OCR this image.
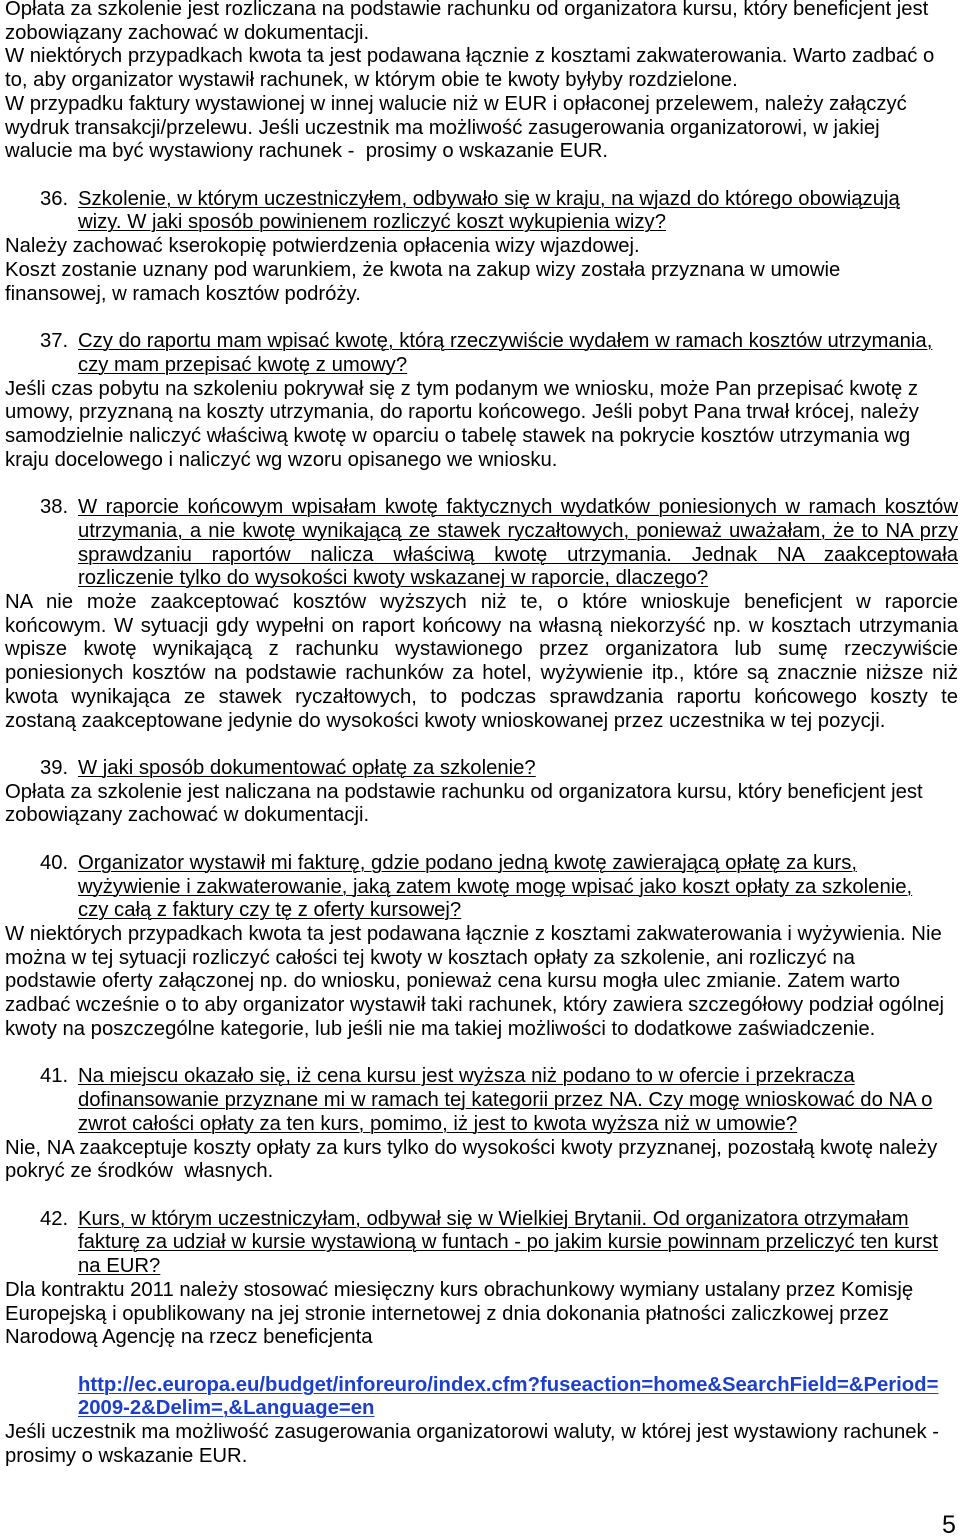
Opłata za szkolenie jest rozliczana na podstawie rachunku od organizatora kursu, który beneficjent jest
zobowiązany zachować w dokumentacji.
W niektórych przypadkach kwota ta jest podawana łącznie z kosztami zakwaterowania. Warto zadbać o
to, aby organizator wystawił rachunek, w którym obie te kwoty byłyby rozdzielone.
W przypadku faktury wystawionej w innej walucie niż w EUR i opłaconej przelewem, należy załączyć
wydruk transakcji/przelewu. Jeśli uczestnik ma możliwość zasugerowania organizatorowi, w jakiej
walucie ma być wystawiony rachunek -  prosimy o wskazanie EUR.
36. Szkolenie, w którym uczestniczyłem, odbywało się w kraju, na wjazd do którego obowiązują
wizy. W jaki sposób powinienem rozliczyć koszt wykupienia wizy?
Należy zachować kserokopię potwierdzenia opłacenia wizy wjazdowej.
Koszt zostanie uznany pod warunkiem, że kwota na zakup wizy została przyznana w umowie
finansowej, w ramach kosztów podróży.
37. Czy do raportu mam wpisać kwotę, którą rzeczywiście wydałem w ramach kosztów utrzymania,
czy mam przepisać kwotę z umowy?
Jeśli czas pobytu na szkoleniu pokrywał się z tym podanym we wniosku, może Pan przepisać kwotę z
umowy, przyznaną na koszty utrzymania, do raportu końcowego. Jeśli pobyt Pana trwał krócej, należy
samodzielnie naliczyć właściwą kwotę w oparciu o tabelę stawek na pokrycie kosztów utrzymania wg
kraju docelowego i naliczyć wg wzoru opisanego we wniosku.
38. W raporcie końcowym wpisałam kwotę faktycznych wydatków poniesionych w ramach kosztów
utrzymania, a nie kwotę wynikającą ze stawek ryczałtowych, ponieważ uważałam, że to NA przy
sprawdzaniu raportów nalicza właściwą kwotę utrzymania. Jednak NA zaakceptowała
rozliczenie tylko do wysokości kwoty wskazanej w raporcie, dlaczego?
NA nie może zaakceptować kosztów wyższych niż te, o które wnioskuje beneficjent w raporcie
końcowym. W sytuacji gdy wypełni on raport końcowy na własną niekorzyść np. w kosztach utrzymania
wpisze kwotę wynikającą z rachunku wystawionego przez organizatora lub sumę rzeczywiście
poniesionych kosztów na podstawie rachunków za hotel, wyżywienie itp., które są znacznie niższe niż
kwota wynikająca ze stawek ryczałtowych, to podczas sprawdzania raportu końcowego koszty te
zostaną zaakceptowane jedynie do wysokości kwoty wnioskowanej przez uczestnika w tej pozycji.
39. W jaki sposób dokumentować opłatę za szkolenie?
Opłata za szkolenie jest naliczana na podstawie rachunku od organizatora kursu, który beneficjent jest
zobowiązany zachować w dokumentacji.
40. Organizator wystawił mi fakturę, gdzie podano jedną kwotę zawierającą opłatę za kurs,
wyżywienie i zakwaterowanie, jaką zatem kwotę mogę wpisać jako koszt opłaty za szkolenie,
czy całą z faktury czy tę z oferty kursowej?
W niektórych przypadkach kwota ta jest podawana łącznie z kosztami zakwaterowania i wyżywienia. Nie
można w tej sytuacji rozliczyć całości tej kwoty w kosztach opłaty za szkolenie, ani rozliczyć na
podstawie oferty załączonej np. do wniosku, ponieważ cena kursu mogła ulec zmianie. Zatem warto
zadbać wcześnie o to aby organizator wystawił taki rachunek, który zawiera szczegółowy podział ogólnej
kwoty na poszczególne kategorie, lub jeśli nie ma takiej możliwości to dodatkowe zaświadczenie.
41. Na miejscu okazało się, iż cena kursu jest wyższa niż podano to w ofercie i przekracza
dofinansowanie przyznane mi w ramach tej kategorii przez NA. Czy mogę wnioskować do NA o
zwrot całości opłaty za ten kurs, pomimo, iż jest to kwota wyższa niż w umowie?
Nie, NA zaakceptuje koszty opłaty za kurs tylko do wysokości kwoty przyznanej, pozostałą kwotę należy
pokryć ze środków  własnych.
42. Kurs, w którym uczestniczyłam, odbywał się w Wielkiej Brytanii. Od organizatora otrzymałam
fakturę za udział w kursie wystawioną w funtach - po jakim kursie powinnam przeliczyć ten kurst
na EUR?
Dla kontraktu 2011 należy stosować miesięczny kurs obrachunkowy wymiany ustalany przez Komisję
Europejską i opublikowany na jej stronie internetowej z dnia dokonania płatności zaliczkowej przez
Narodową Agencję na rzecz beneficjenta
http://ec.europa.eu/budget/inforeuro/index.cfm?fuseaction=home&SearchField=&Period=
2009-2&Delim=,&Language=en
Jeśli uczestnik ma możliwość zasugerowania organizatorowi waluty, w której jest wystawiony rachunek -
prosimy o wskazanie EUR.
5
